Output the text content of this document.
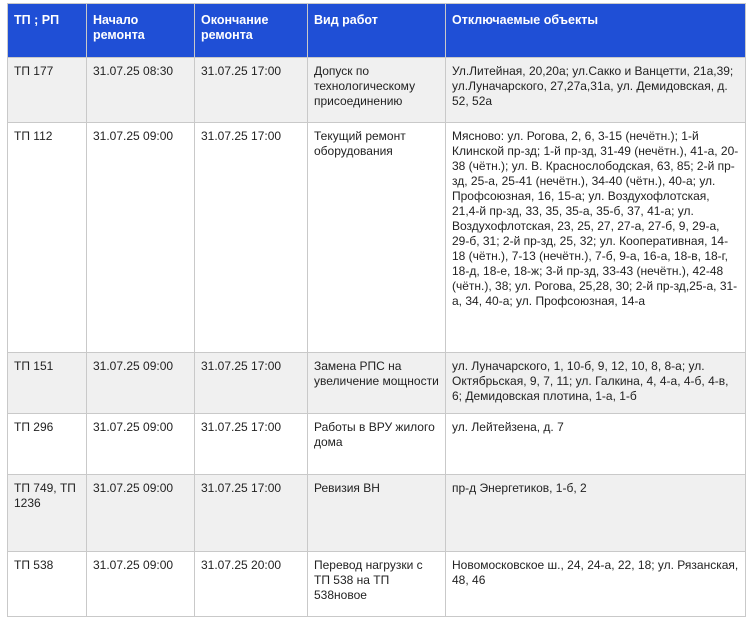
ТП ; РП	Начало ремонта	Окончание ремонта	Вид работ	Отключаемые объекты
ТП 177	31.07.25 08:30	31.07.25 17:00	Допуск по технологическому присоединению	Ул.Литейная, 20,20а; ул.Сакко и Ванцетти, 21а,39; ул.Луначарского, 27,27а,31а, ул. Демидовская, д. 52, 52а
ТП 112	31.07.25 09:00	31.07.25 17:00	Текущий ремонт оборудования	Мясново: ул. Рогова, 2, 6, 3-15 (нечётн.); 1-й Клинской пр-зд; 1-й пр-зд, 31-49 (нечётн.), 41-а, 20-38 (чётн.); ул. В. Краснослободская, 63, 85; 2-й пр-зд, 25-а, 25-41 (нечётн.), 34-40 (чётн.), 40-а; ул. Профсоюзная, 16, 15-а; ул. Воздухофлотская, 21,4-й пр-зд, 33, 35, 35-а, 35-б, 37, 41-а; ул. Воздухофлотская, 23, 25, 27, 27-а, 27-б, 9, 29-а, 29-б, 31; 2-й пр-зд, 25, 32; ул. Кооперативная, 14-18 (чётн.), 7-13 (нечётн.), 7-б, 9-а, 16-а, 18-в, 18-г, 18-д, 18-е, 18-ж; 3-й пр-зд, 33-43 (нечётн.), 42-48 (чётн.), 38; ул. Рогова, 25,28, 30; 2-й пр-зд,25-а, 31-а, 34, 40-а; ул. Профсоюзная, 14-а
ТП 151	31.07.25 09:00	31.07.25 17:00	Замена РПС на увеличение мощности	ул. Луначарского, 1, 10-б, 9, 12, 10, 8, 8-а; ул. Октябрьская, 9, 7, 11; ул. Галкина, 4, 4-а, 4-б, 4-в, 6; Демидовская плотина, 1-а, 1-б
ТП 296	31.07.25 09:00	31.07.25 17:00	Работы в ВРУ жилого дома	ул. Лейтейзена, д. 7
ТП 749, ТП 1236	31.07.25 09:00	31.07.25 17:00	Ревизия ВН	пр-д Энергетиков, 1-б, 2
ТП 538	31.07.25 09:00	31.07.25 20:00	Перевод нагрузки с ТП 538 на ТП 538новое	Новомосковское ш., 24, 24-а, 22, 18; ул. Рязанская, 48, 46
